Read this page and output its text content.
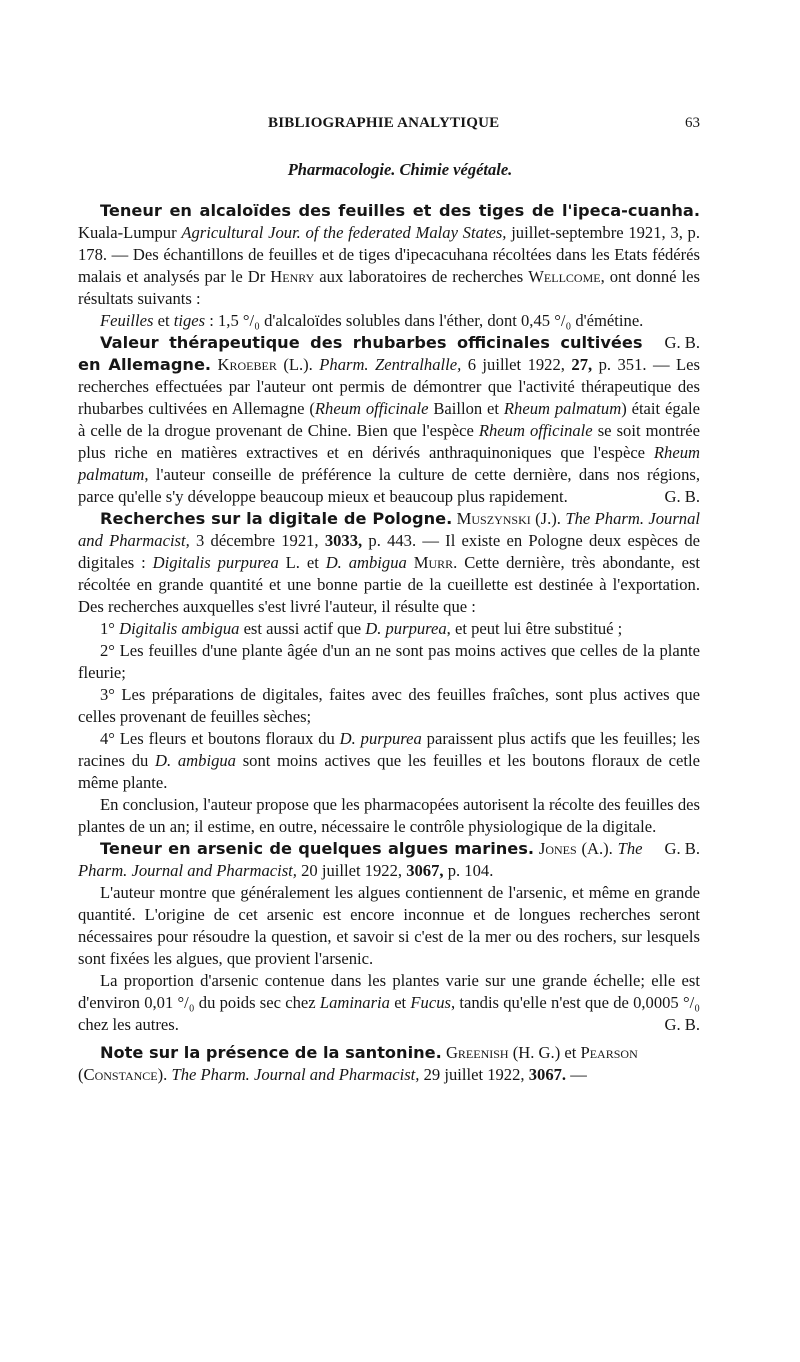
BIBLIOGRAPHIE ANALYTIQUE	63
Pharmacologie. Chimie végétale.

Teneur en alcaloïdes des feuilles et des tiges de l'ipeca-cuanha. Kuala-Lumpur Agricultural Jour. of the federated Malay States, juillet-septembre 1921, 3, p. 178. — Des échantillons de feuilles et de tiges d'ipecacuhana récoltées dans les Etats fédérés malais et analysés par le Dr Henry aux laboratoires de recherches Wellcome, ont donné les résultats suivants :

Feuilles et tiges : 1,5 °/₀ d'alcaloïdes solubles dans l'éther, dont 0,45 °/₀ d'émétine.
G. B.

Valeur thérapeutique des rhubarbes officinales cultivées en Allemagne. Kroeber (L.). Pharm. Zentralhalle, 6 juillet 1922, 27, p. 351. — Les recherches effectuées par l'auteur ont permis de démontrer que l'activité thérapeutique des rhubarbes cultivées en Allemagne (Rheum officinale Baillon et Rheum palmatum) était égale à celle de la drogue provenant de Chine. Bien que l'espèce Rheum officinale se soit montrée plus riche en matières extractives et en dérivés anthraquinoniques que l'espèce Rheum palmatum, l'auteur conseille de préférence la culture de cette dernière, dans nos régions, parce qu'elle s'y développe beaucoup mieux et beaucoup plus rapidement.	G. B.

Recherches sur la digitale de Pologne. Muszynski (J.). The Pharm. Journal and Pharmacist, 3 décembre 1921, 3033, p. 443. — Il existe en Pologne deux espèces de digitales : Digitalis purpurea L. et D. ambigua Murr. Cette dernière, très abondante, est récoltée en grande quantité et une bonne partie de la cueillette est destinée à l'exportation. Des recherches auxquelles s'est livré l'auteur, il résulte que :

1° Digitalis ambigua est aussi actif que D. purpurea, et peut lui être substitué ;

2° Les feuilles d'une plante âgée d'un an ne sont pas moins actives que celles de la plante fleurie;

3° Les préparations de digitales, faites avec des feuilles fraîches, sont plus actives que celles provenant de feuilles sèches;

4° Les fleurs et boutons floraux du D. purpurea paraissent plus actifs que les feuilles; les racines du D. ambigua sont moins actives que les feuilles et les boutons floraux de cetle même plante.

En conclusion, l'auteur propose que les pharmacopées autorisent la récolte des feuilles des plantes de un an; il estime, en outre, nécessaire le contrôle physiologique de la digitale.
G. B.

Teneur en arsenic de quelques algues marines. Jones (A.). The Pharm. Journal and Pharmacist, 20 juillet 1922, 3067, p. 104.

L'auteur montre que généralement les algues contiennent de l'arsenic, et même en grande quantité. L'origine de cet arsenic est encore inconnue et de longues recherches seront nécessaires pour résoudre la question, et savoir si c'est de la mer ou des rochers, sur lesquels sont fixées les algues, que provient l'arsenic.

La proportion d'arsenic contenue dans les plantes varie sur une grande échelle; elle est d'environ 0,01 °/₀ du poids sec chez Laminaria et Fucus, tandis qu'elle n'est que de 0,0005 °/₀ chez les autres.	G. B.

Note sur la présence de la santonine. Greenish (H. G.) et Pearson (Constance). The Pharm. Journal and Pharmacist, 29 juillet 1922, 3067. —
